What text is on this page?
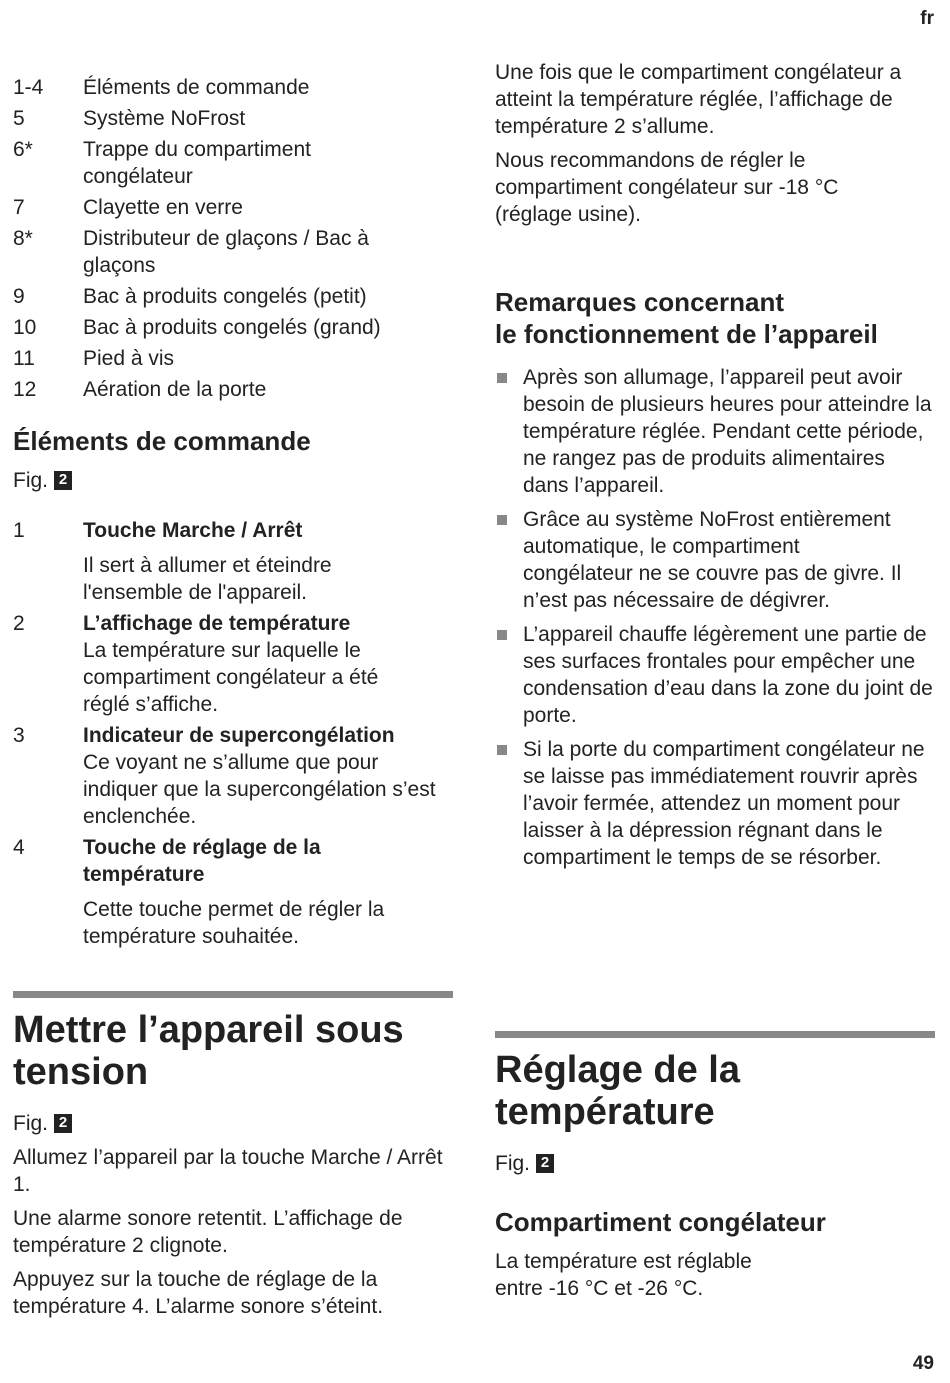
fr
1-4	Éléments de commande
5	Système NoFrost
6*	Trappe du compartiment congélateur
7	Clayette en verre
8*	Distributeur de glaçons / Bac à glaçons
9	Bac à produits congelés (petit)
10	Bac à produits congelés (grand)
11	Pied à vis
12	Aération de la porte
Éléments de commande
Fig. 2
1	Touche Marche / Arrêt
Il sert à allumer et éteindre l'ensemble de l'appareil.
2	L’affichage de température
La température sur laquelle le compartiment congélateur a été réglé s’affiche.
3	Indicateur de supercongélation
Ce voyant ne s’allume que pour indiquer que la supercongélation s’est enclenchée.
4	Touche de réglage de la température
Cette touche permet de régler la température souhaitée.
Mettre l’appareil sous tension
Fig. 2

Allumez l’appareil par la touche Marche / Arrêt 1.

Une alarme sonore retentit. L’affichage de température 2 clignote.

Appuyez sur la touche de réglage de la température 4. L’alarme sonore s’éteint.

Une fois que le compartiment congélateur a atteint la température réglée, l’affichage de température 2 s’allume.

Nous recommandons de régler le compartiment congélateur sur -18 °C (réglage usine).

Remarques concernant
le fonctionnement de l’appareil
Après son allumage, l’appareil peut avoir besoin de plusieurs heures pour atteindre la température réglée. Pendant cette période, ne rangez pas de produits alimentaires dans l’appareil.
Grâce au système NoFrost entièrement automatique, le compartiment congélateur ne se couvre pas de givre. Il n’est pas nécessaire de dégivrer.
L’appareil chauffe légèrement une partie de ses surfaces frontales pour empêcher une condensation d’eau dans la zone du joint de porte.
Si la porte du compartiment congélateur ne se laisse pas immédiatement rouvrir après l’avoir fermée, attendez un moment pour laisser à la dépression régnant dans le compartiment le temps de se résorber.
Réglage de la température
Fig. 2
Compartiment congélateur

La température est réglable entre -16 °C et -26 °C.

49
